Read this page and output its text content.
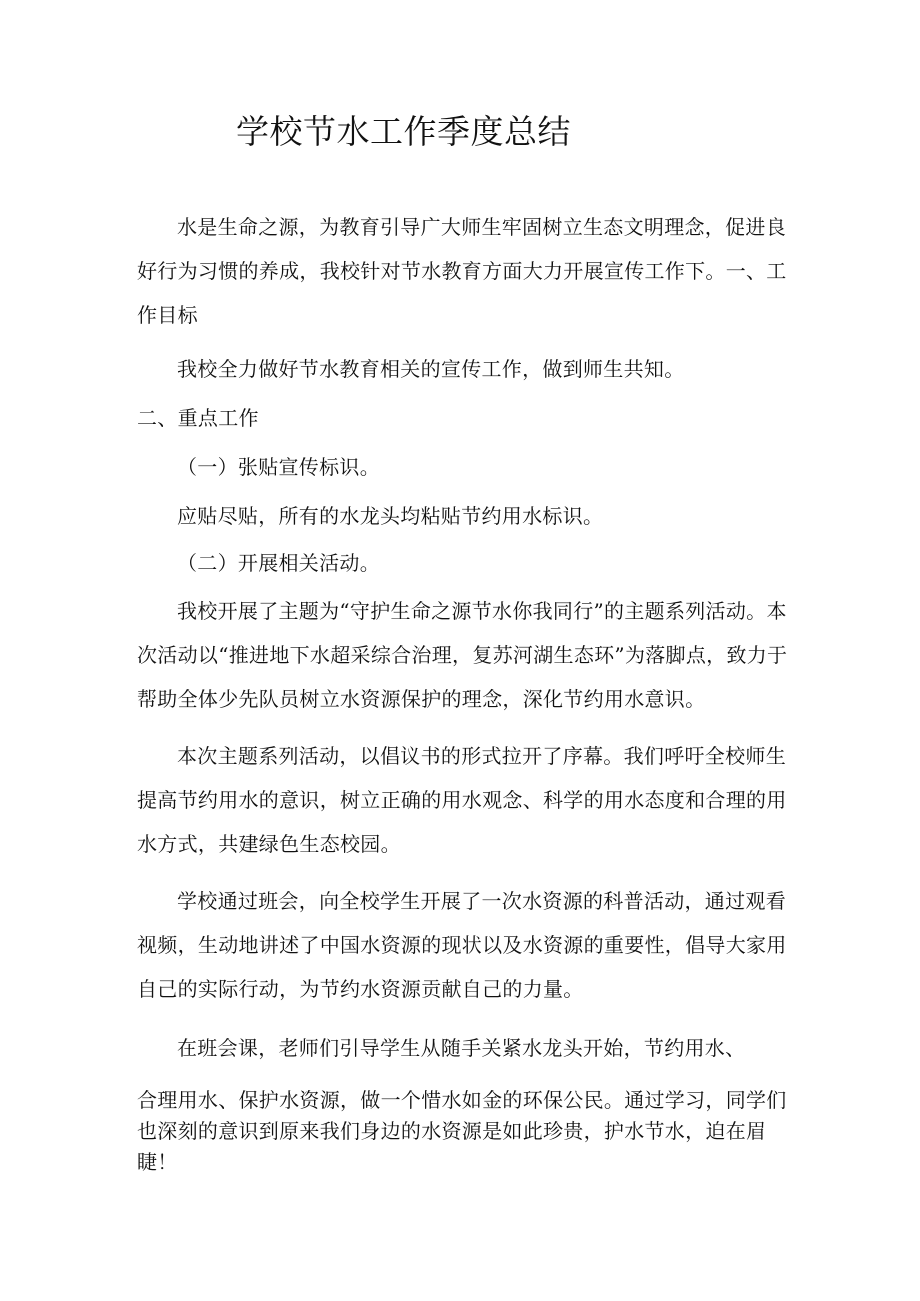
学校节水工作季度总结

水是生命之源，为教育引导广大师生牢固树立生态文明理念，促进良好行为习惯的养成，我校针对节水教育方面大力开展宣传工作下。一、工作目标

我校全力做好节水教育相关的宣传工作，做到师生共知。

二、重点工作

（一）张贴宣传标识。

应贴尽贴，所有的水龙头均粘贴节约用水标识。

（二）开展相关活动。

我校开展了主题为“守护生命之源节水你我同行”的主题系列活动。本次活动以“推进地下水超采综合治理，复苏河湖生态环”为落脚点，致力于帮助全体少先队员树立水资源保护的理念，深化节约用水意识。

本次主题系列活动，以倡议书的形式拉开了序幕。我们呼吁全校师生提高节约用水的意识，树立正确的用水观念、科学的用水态度和合理的用水方式，共建绿色生态校园。

学校通过班会，向全校学生开展了一次水资源的科普活动，通过观看视频，生动地讲述了中国水资源的现状以及水资源的重要性，倡导大家用自己的实际行动，为节约水资源贡献自己的力量。

在班会课，老师们引导学生从随手关紧水龙头开始，节约用水、

合理用水、保护水资源，做一个惜水如金的环保公民。通过学习，同学们也深刻的意识到原来我们身边的水资源是如此珍贵，护水节水，迫在眉睫！
